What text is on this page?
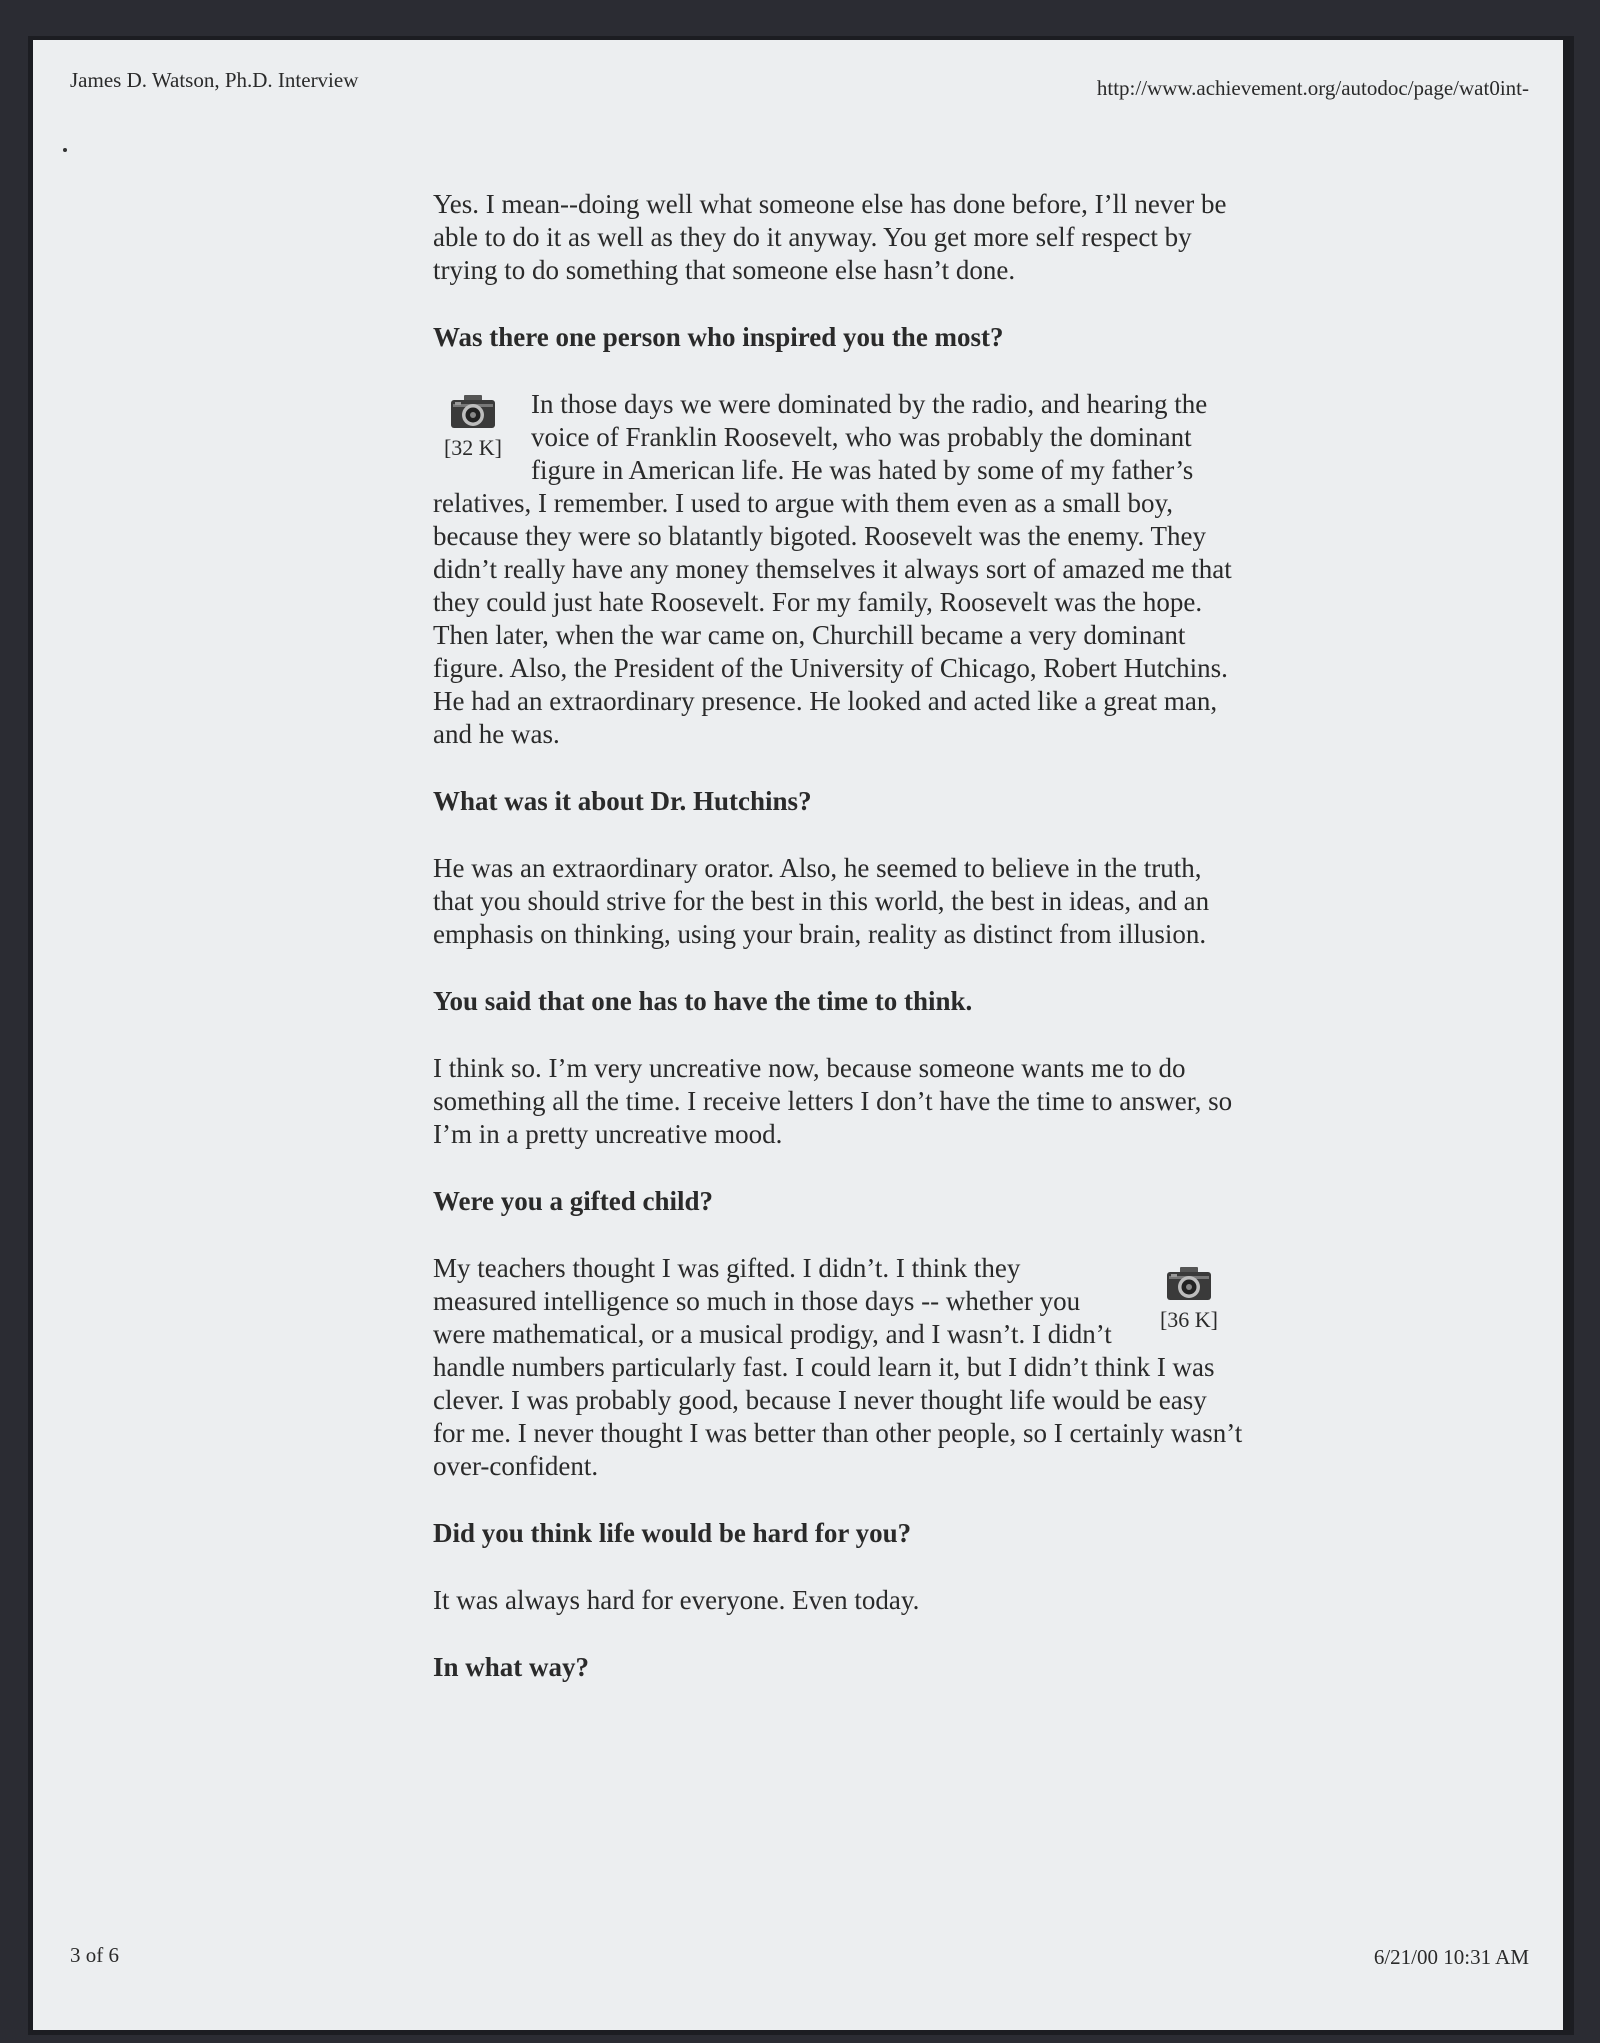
James D. Watson, Ph.D. Interview	http://www.achievement.org/autodoc/page/wat0int-

Yes. I mean--doing well what someone else has done before, I’ll never be able to do it as well as they do it anyway. You get more self respect by trying to do something that someone else hasn’t done.

Was there one person who inspired you the most?

[32 K]

In those days we were dominated by the radio, and hearing the voice of Franklin Roosevelt, who was probably the dominant figure in American life. He was hated by some of my father’s relatives, I remember. I used to argue with them even as a small boy, because they were so blatantly bigoted. Roosevelt was the enemy. They didn’t really have any money themselves it always sort of amazed me that they could just hate Roosevelt. For my family, Roosevelt was the hope. Then later, when the war came on, Churchill became a very dominant figure. Also, the President of the University of Chicago, Robert Hutchins. He had an extraordinary presence. He looked and acted like a great man, and he was.

What was it about Dr. Hutchins?

He was an extraordinary orator. Also, he seemed to believe in the truth, that you should strive for the best in this world, the best in ideas, and an emphasis on thinking, using your brain, reality as distinct from illusion.

You said that one has to have the time to think.

I think so. I’m very uncreative now, because someone wants me to do something all the time. I receive letters I don’t have the time to answer, so I’m in a pretty uncreative mood.

Were you a gifted child?

[36 K]

My teachers thought I was gifted. I didn’t. I think they measured intelligence so much in those days -- whether you were mathematical, or a musical prodigy, and I wasn’t. I didn’t handle numbers particularly fast. I could learn it, but I didn’t think I was clever. I was probably good, because I never thought life would be easy for me. I never thought I was better than other people, so I certainly wasn’t over-confident.

Did you think life would be hard for you?

It was always hard for everyone. Even today.

In what way?

3 of 6	6/21/00 10:31 AM
